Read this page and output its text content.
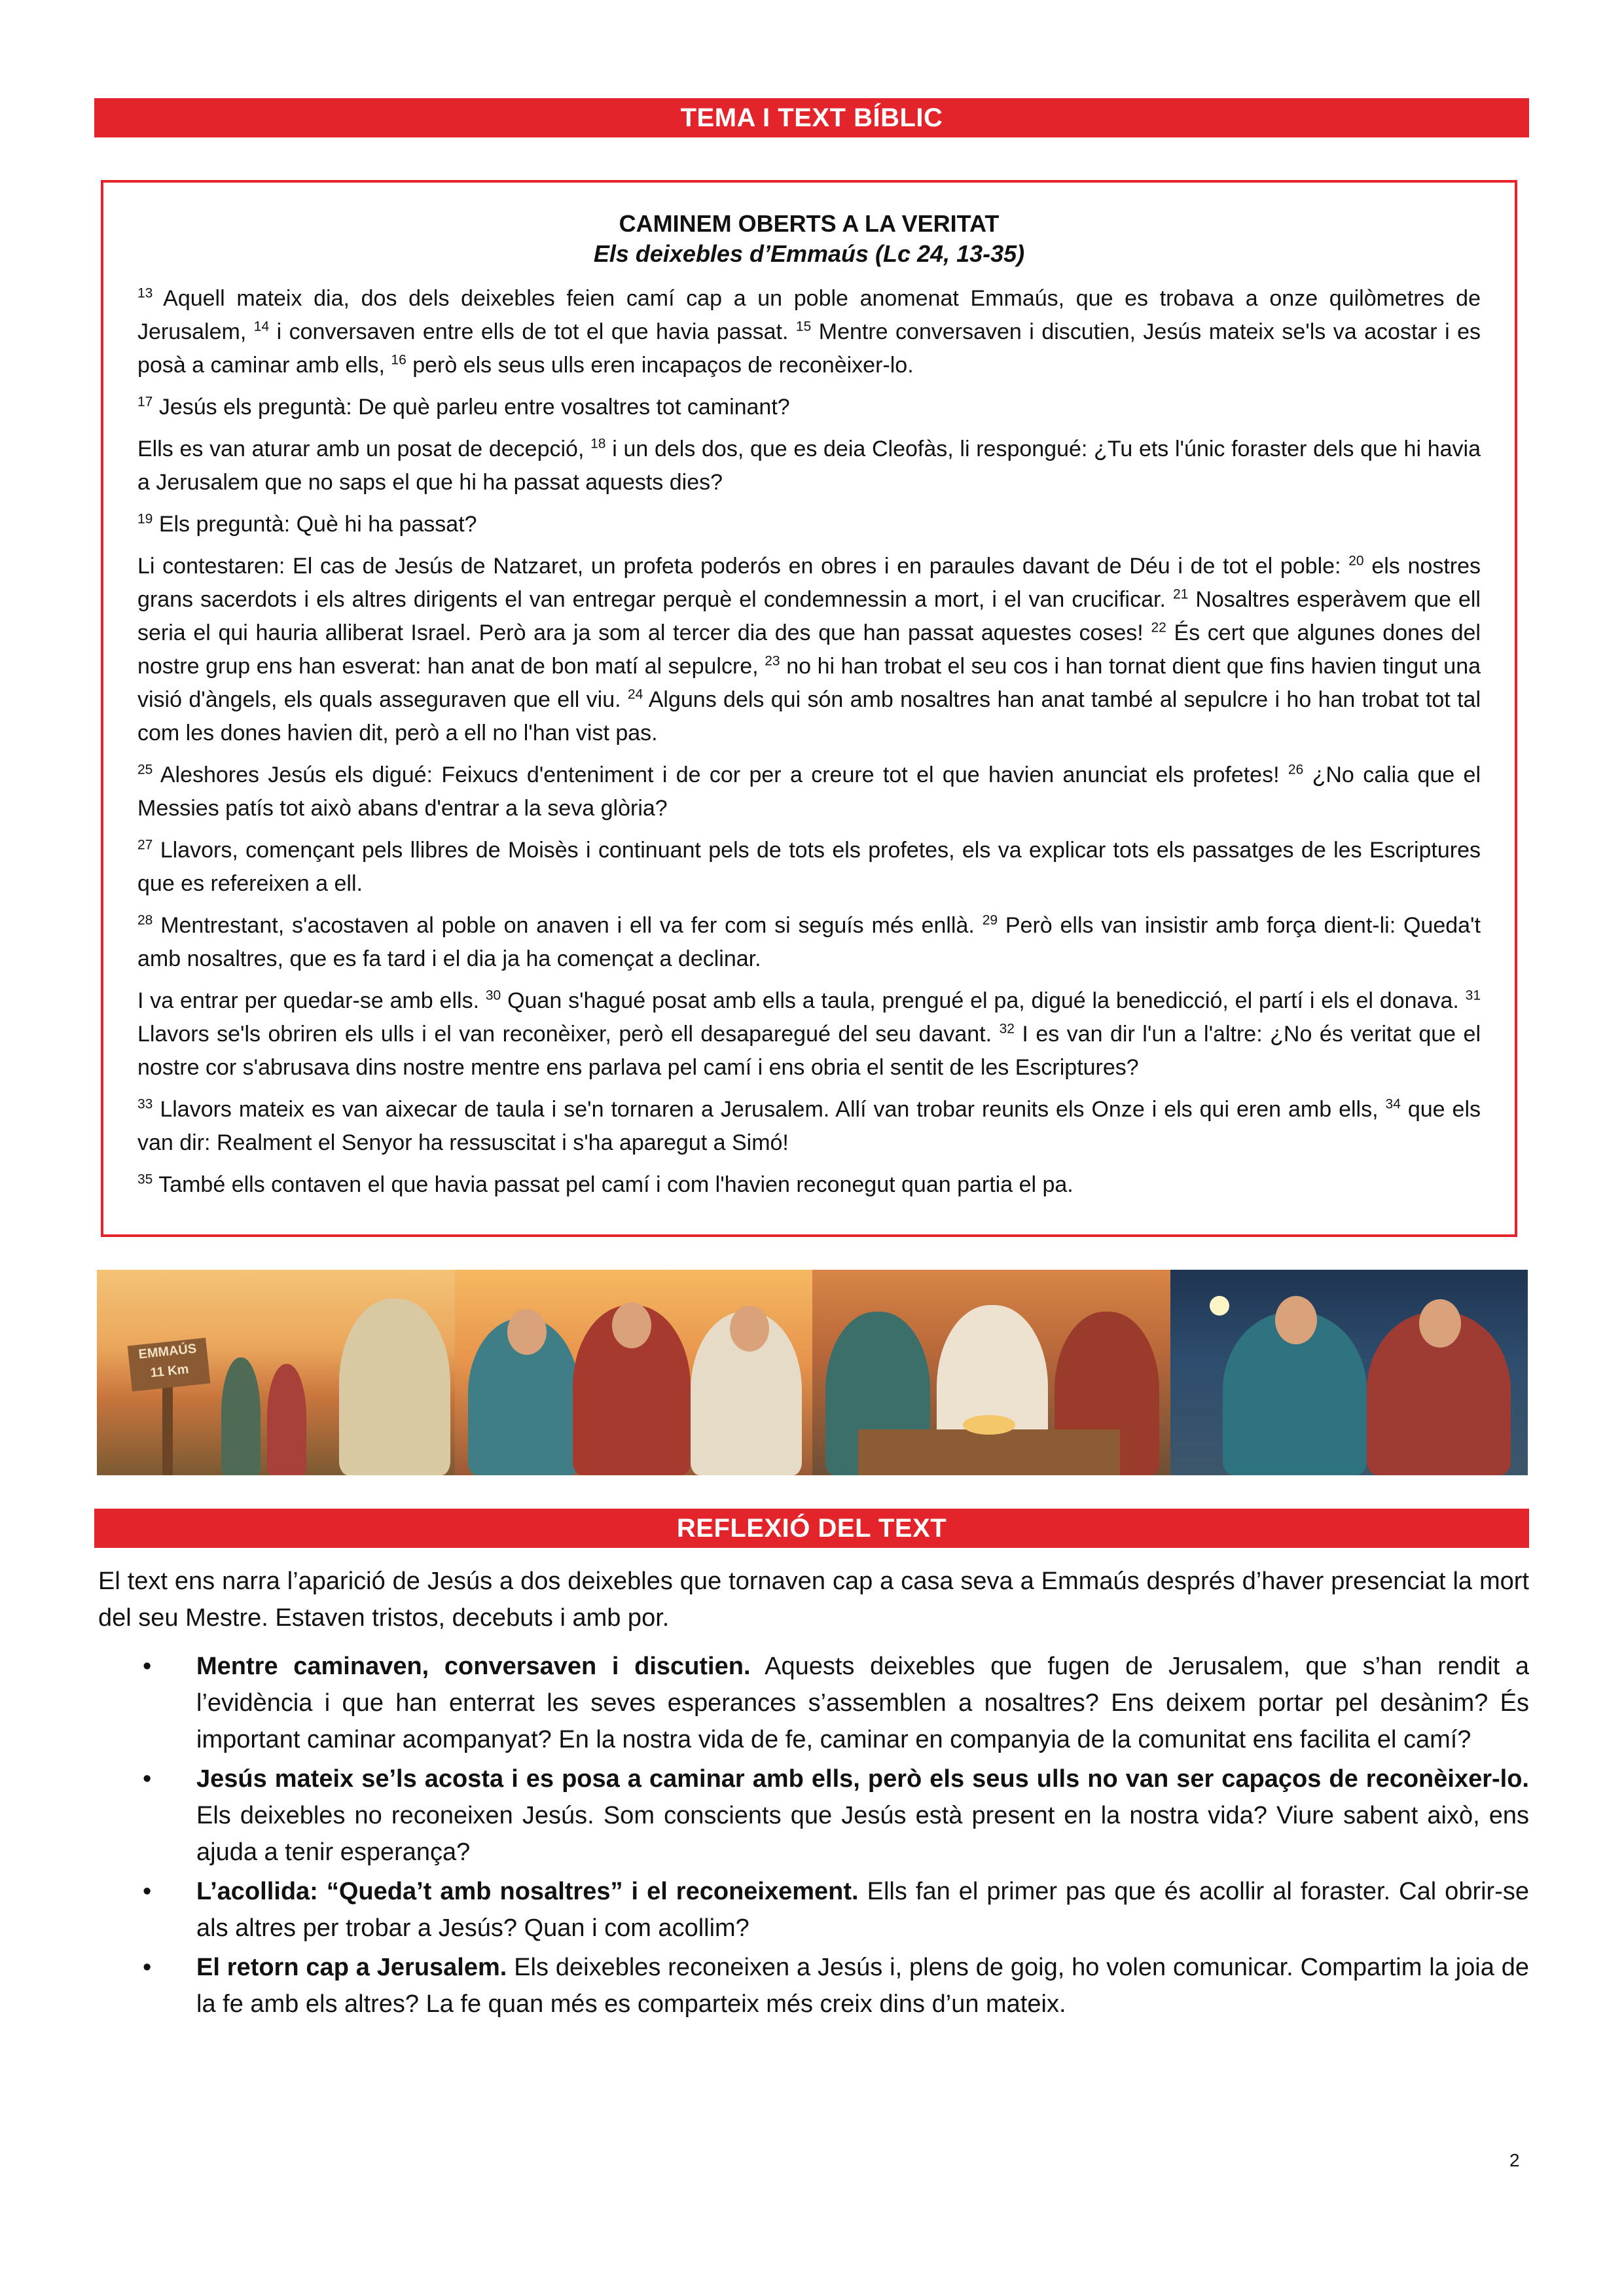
TEMA I TEXT BÍBLIC
CAMINEM OBERTS A LA VERITAT
Els deixebles d’Emmaús (Lc 24, 13-35)

$^{13}$ Aquell mateix dia, dos dels deixebles feien camí cap a un poble anomenat Emmaús, que es trobava a onze quilòmetres de Jerusalem, $^{14}$ i conversaven entre ells de tot el que havia passat. $^{15}$ Mentre conversaven i discutien, Jesús mateix se'ls va acostar i es posà a caminar amb ells, $^{16}$ però els seus ulls eren incapaços de reconèixer-lo.

$^{17}$ Jesús els preguntà: De què parleu entre vosaltres tot caminant?

Ells es van aturar amb un posat de decepció, $^{18}$ i un dels dos, que es deia Cleofàs, li respongué: ¿Tu ets l'únic foraster dels que hi havia a Jerusalem que no saps el que hi ha passat aquests dies?

$^{19}$ Els preguntà: Què hi ha passat?

Li contestaren: El cas de Jesús de Natzaret, un profeta poderós en obres i en paraules davant de Déu i de tot el poble: $^{20}$ els nostres grans sacerdots i els altres dirigents el van entregar perquè el condemnessin a mort, i el van crucificar. $^{21}$ Nosaltres esperàvem que ell seria el qui hauria alliberat Israel. Però ara ja som al tercer dia des que han passat aquestes coses! $^{22}$ És cert que algunes dones del nostre grup ens han esverat: han anat de bon matí al sepulcre, $^{23}$ no hi han trobat el seu cos i han tornat dient que fins havien tingut una visió d'àngels, els quals asseguraven que ell viu. $^{24}$ Alguns dels qui són amb nosaltres han anat també al sepulcre i ho han trobat tot tal com les dones havien dit, però a ell no l'han vist pas.

$^{25}$ Aleshores Jesús els digué: Feixucs d'enteniment i de cor per a creure tot el que havien anunciat els profetes! $^{26}$ ¿No calia que el Messies patís tot això abans d'entrar a la seva glòria?

$^{27}$ Llavors, començant pels llibres de Moisès i continuant pels de tots els profetes, els va explicar tots els passatges de les Escriptures que es refereixen a ell.

$^{28}$ Mentrestant, s'acostaven al poble on anaven i ell va fer com si seguís més enllà. $^{29}$ Però ells van insistir amb força dient-li: Queda't amb nosaltres, que es fa tard i el dia ja ha començat a declinar.

I va entrar per quedar-se amb ells. $^{30}$ Quan s'hagué posat amb ells a taula, prengué el pa, digué la benedicció, el partí i els el donava. $^{31}$ Llavors se'ls obriren els ulls i el van reconèixer, però ell desaparegué del seu davant. $^{32}$ I es van dir l'un a l'altre: ¿No és veritat que el nostre cor s'abrusava dins nostre mentre ens parlava pel camí i ens obria el sentit de les Escriptures?

$^{33}$ Llavors mateix es van aixecar de taula i se'n tornaren a Jerusalem. Allí van trobar reunits els Onze i els qui eren amb ells, $^{34}$ que els van dir: Realment el Senyor ha ressuscitat i s'ha aparegut a Simó!

$^{35}$ També ells contaven el que havia passat pel camí i com l'havien reconegut quan partia el pa.

EMMAÚS
11 Km
REFLEXIÓ DEL TEXT

El text ens narra l’aparició de Jesús a dos deixebles que tornaven cap a casa seva a Emmaús després d’haver presenciat la mort del seu Mestre. Estaven tristos, decebuts i amb por.

• Mentre caminaven, conversaven i discutien. Aquests deixebles que fugen de Jerusalem, que s’han rendit a l’evidència i que han enterrat les seves esperances s’assemblen a nosaltres? Ens deixem portar pel desànim? És important caminar acompanyat? En la nostra vida de fe, caminar en companyia de la comunitat ens facilita el camí?
• Jesús mateix se’ls acosta i es posa a caminar amb ells, però els seus ulls no van ser capaços de reconèixer-lo. Els deixebles no reconeixen Jesús. Som conscients que Jesús està present en la nostra vida? Viure sabent això, ens ajuda a tenir esperança?
• L’acollida: “Queda’t amb nosaltres” i el reconeixement. Ells fan el primer pas que és acollir al foraster. Cal obrir-se als altres per trobar a Jesús? Quan i com acollim?
• El retorn cap a Jerusalem. Els deixebles reconeixen a Jesús i, plens de goig, ho volen comunicar. Compartim la joia de la fe amb els altres? La fe quan més es comparteix més creix dins d’un mateix.
2
